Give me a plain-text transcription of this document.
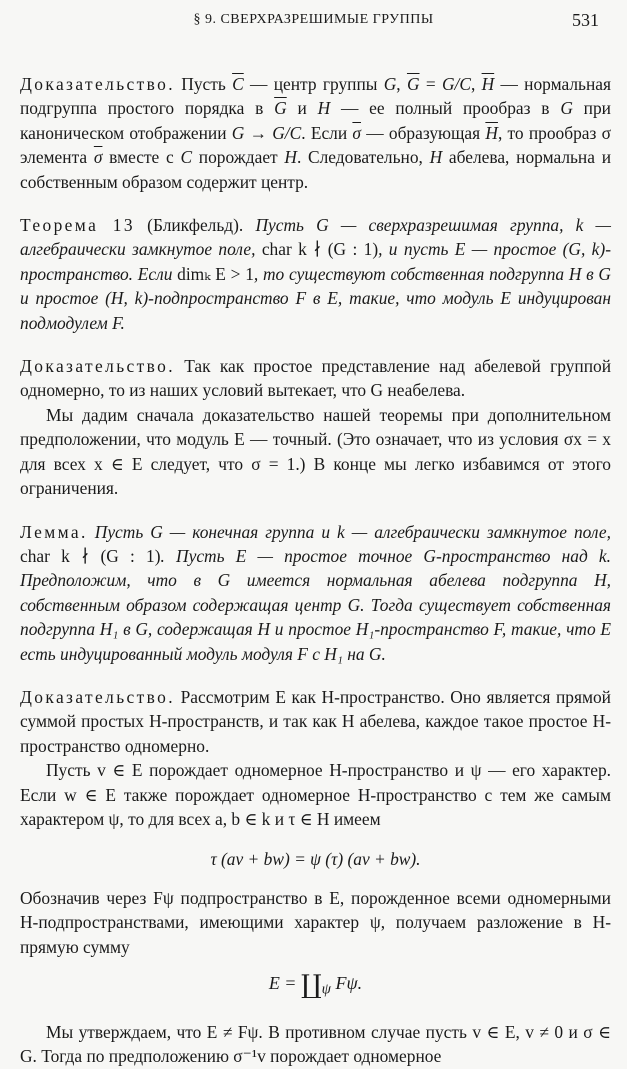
§ 9. СВЕРХРАЗРЕШИМЫЕ ГРУППЫ	531

Доказательство. Пусть $\overline{C}$ — центр группы G, $\overline{G} = G/C$, $\overline{H}$ — нормальная подгруппа простого порядка в $\overline{G}$ и H — ее полный прообраз в G при каноническом отображении G → G/C. Если $\overline{\sigma}$ — образующая $\overline{H}$, то прообраз σ элемента $\overline{\sigma}$ вместе с C порождает H. Следовательно, H абелева, нормальна и собственным образом содержит центр.

Теорема 13 (Бликфельд). Пусть G — сверхразрешимая группа, k — алгебраически замкнутое поле, char k ∤ (G : 1), и пусть E — простое (G, k)-пространство. Если dimₖ E > 1, то существуют собственная подгруппа H в G и простое (H, k)-подпространство F в E, такие, что модуль E индуцирован подмодулем F.

Доказательство. Так как простое представление над абелевой группой одномерно, то из наших условий вытекает, что G неабелева.

Мы дадим сначала доказательство нашей теоремы при дополнительном предположении, что модуль E — точный. (Это означает, что из условия σx = x для всех x ∈ E следует, что σ = 1.) В конце мы легко избавимся от этого ограничения.

Лемма. Пусть G — конечная группа и k — алгебраически замкнутое поле, char k ∤ (G : 1). Пусть E — простое точное G-пространство над k. Предположим, что в G имеется нормальная абелева подгруппа H, собственным образом содержащая центр G. Тогда существует собственная подгруппа H₁ в G, содержащая H и простое H₁-пространство F, такие, что E есть индуцированный модуль модуля F с H₁ на G.

Доказательство. Рассмотрим E как H-пространство. Оно является прямой суммой простых H-пространств, и так как H абелева, каждое такое простое H-пространство одномерно.

Пусть v ∈ E порождает одномерное H-пространство и ψ — его характер. Если w ∈ E также порождает одномерное H-пространство с тем же самым характером ψ, то для всех a, b ∈ k и τ ∈ H имеем

τ (av + bw) = ψ (τ) (av + bw).

Обозначив через Fψ подпространство в E, порожденное всеми одномерными H-подпространствами, имеющими характер ψ, получаем разложение в H-прямую сумму

$E = ∐_\psi$ Fψ.

Мы утверждаем, что E ≠ Fψ. В противном случае пусть v ∈ E, v ≠ 0 и σ ∈ G. Тогда по предположению σ⁻¹v порождает одномерное
